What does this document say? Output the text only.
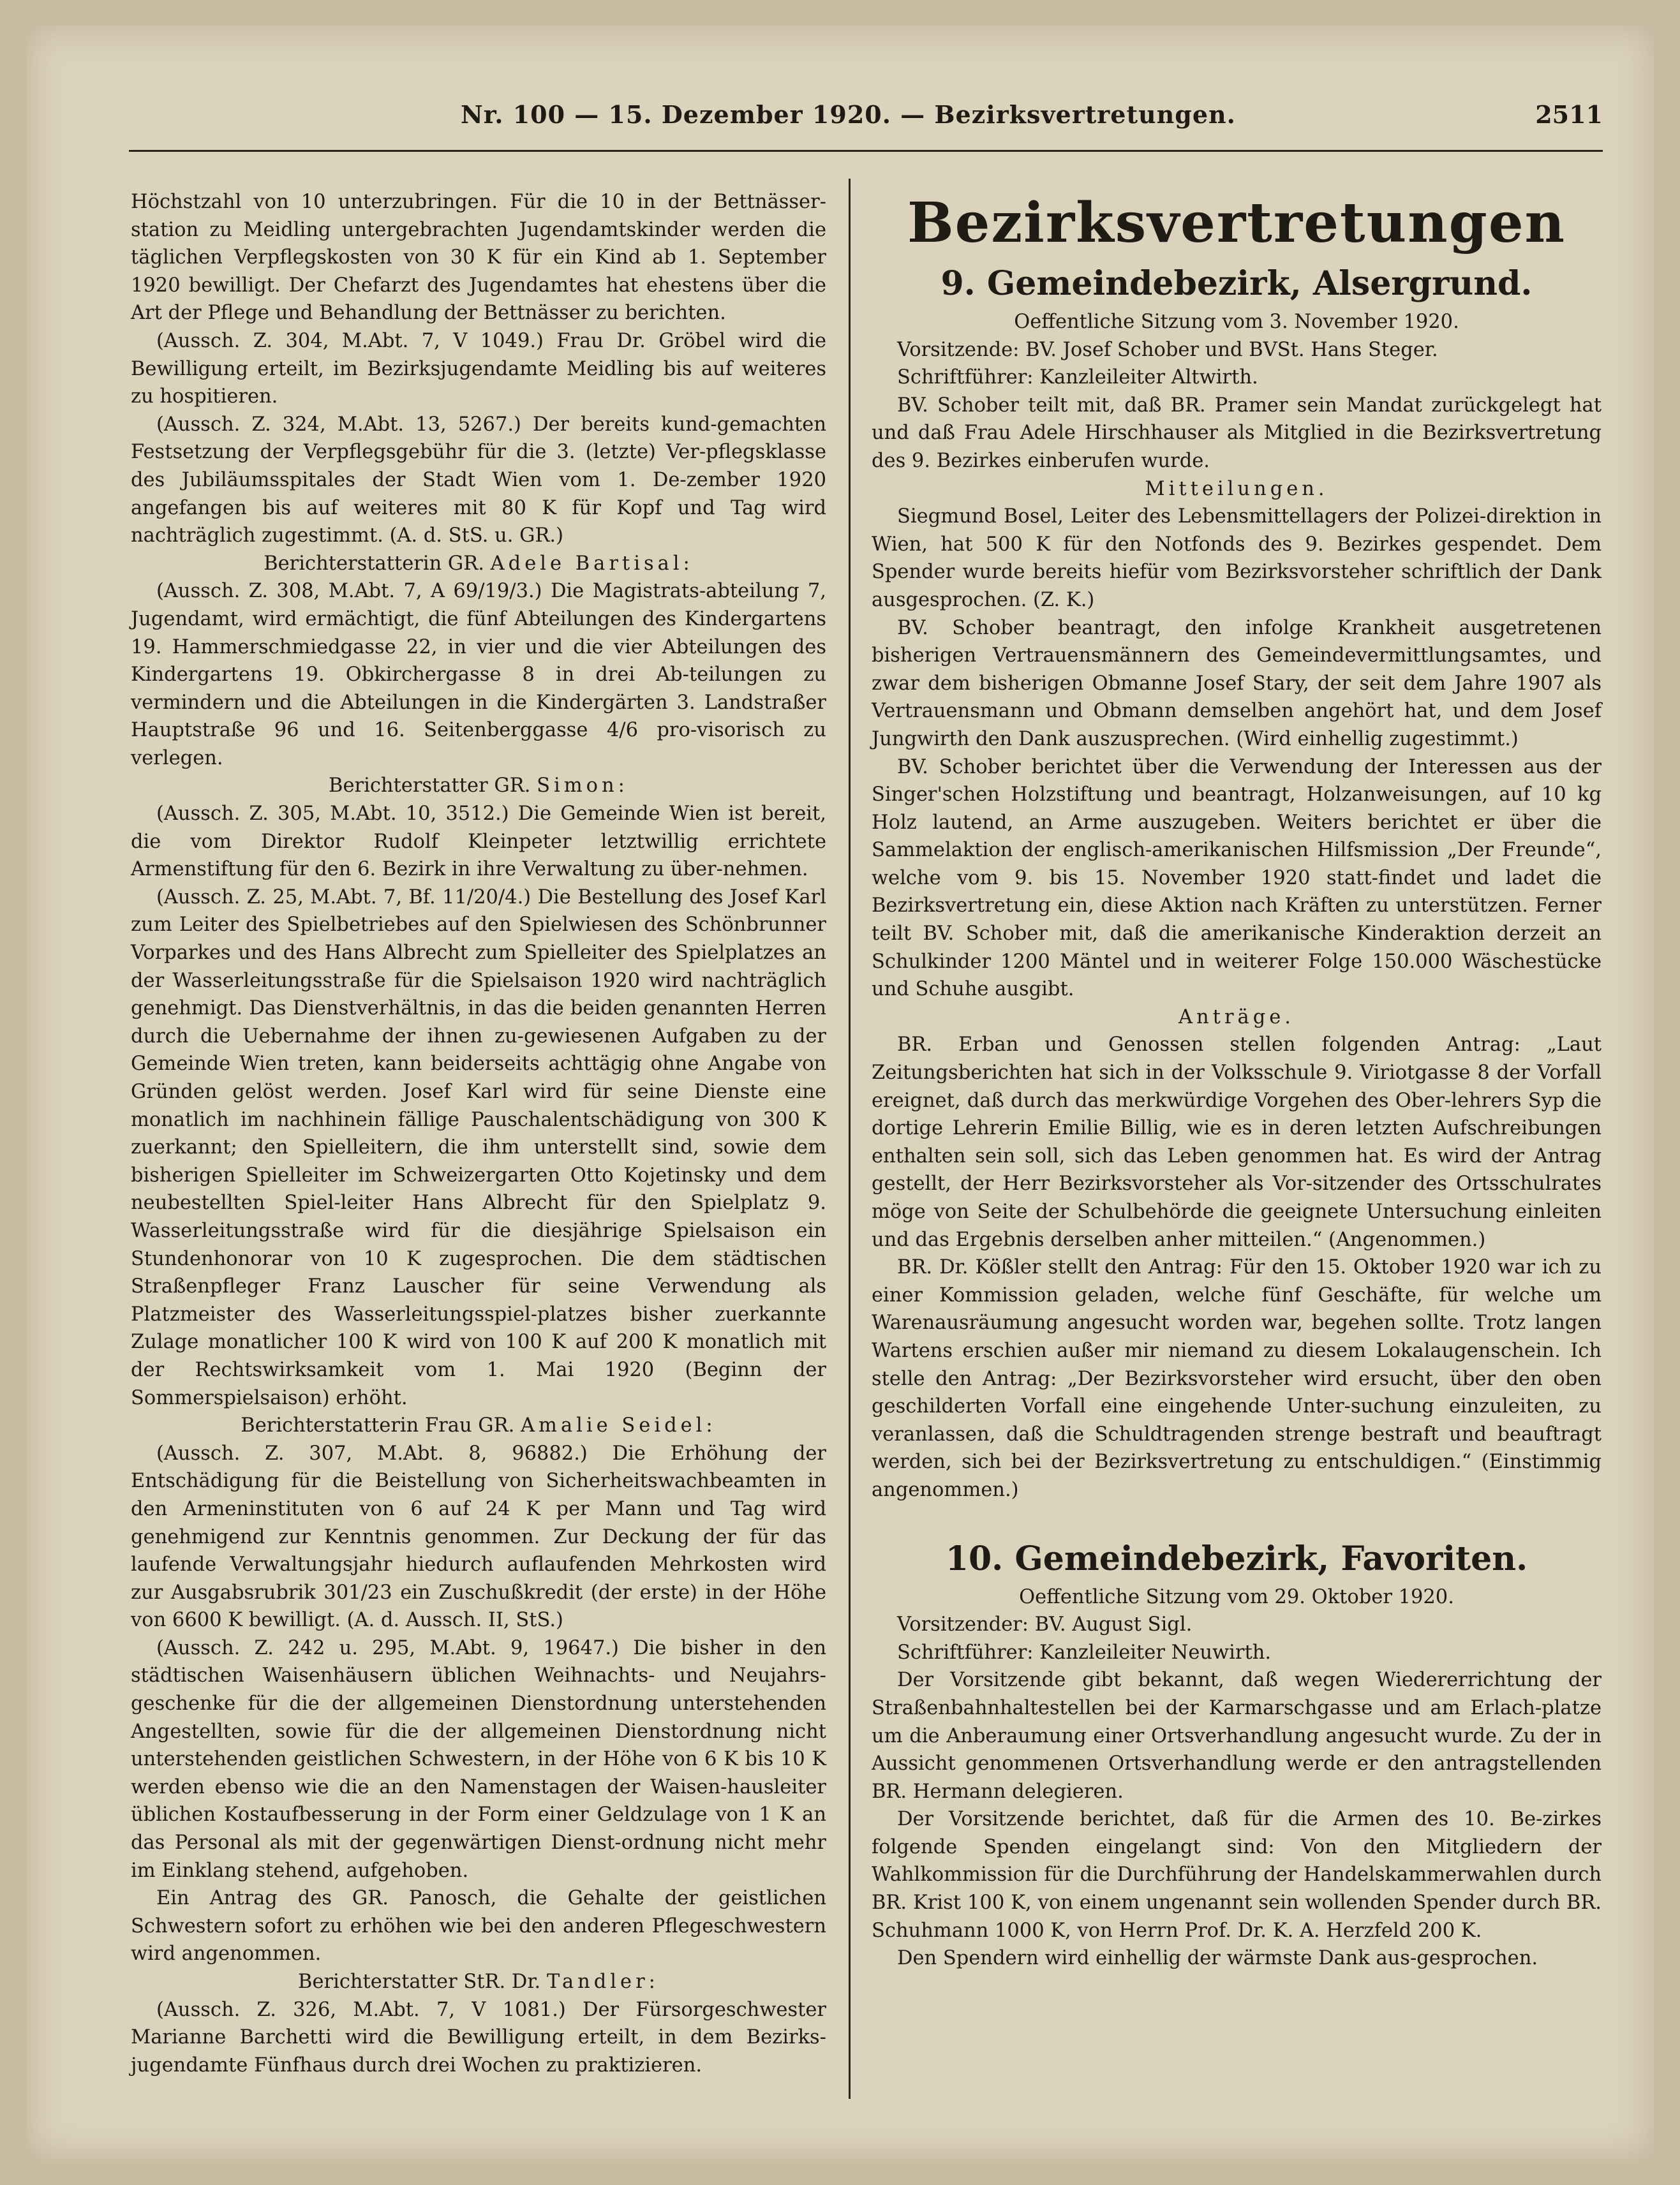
Nr. 100 — 15. Dezember 1920. — Bezirksvertretungen.	2511

Höchstzahl von 10 unterzubringen. Für die 10 in der Bettnässer-station zu Meidling untergebrachten Jugendamtskinder werden die täglichen Verpflegskosten von 30 K für ein Kind ab 1. September 1920 bewilligt. Der Chefarzt des Jugendamtes hat ehestens über die Art der Pflege und Behandlung der Bettnässer zu berichten.

(Aussch. Z. 304, M.Abt. 7, V 1049.) Frau Dr. Gröbel wird die Bewilligung erteilt, im Bezirksjugendamte Meidling bis auf weiteres zu hospitieren.

(Aussch. Z. 324, M.Abt. 13, 5267.) Der bereits kund-gemachten Festsetzung der Verpflegsgebühr für die 3. (letzte) Ver-pflegsklasse des Jubiläumsspitales der Stadt Wien vom 1. De-zember 1920 angefangen bis auf weiteres mit 80 K für Kopf und Tag wird nachträglich zugestimmt. (A. d. StS. u. GR.)

Berichterstatterin GR. Adele Bartisal:

(Aussch. Z. 308, M.Abt. 7, A 69/19/3.) Die Magistrats-abteilung 7, Jugendamt, wird ermächtigt, die fünf Abteilungen des Kindergartens 19. Hammerschmiedgasse 22, in vier und die vier Abteilungen des Kindergartens 19. Obkirchergasse 8 in drei Ab-teilungen zu vermindern und die Abteilungen in die Kindergärten 3. Landstraßer Hauptstraße 96 und 16. Seitenberggasse 4/6 pro-visorisch zu verlegen.

Berichterstatter GR. Simon:

(Aussch. Z. 305, M.Abt. 10, 3512.) Die Gemeinde Wien ist bereit, die vom Direktor Rudolf Kleinpeter letztwillig errichtete Armenstiftung für den 6. Bezirk in ihre Verwaltung zu über-nehmen.

(Aussch. Z. 25, M.Abt. 7, Bf. 11/20/4.) Die Bestellung des Josef Karl zum Leiter des Spielbetriebes auf den Spielwiesen des Schönbrunner Vorparkes und des Hans Albrecht zum Spielleiter des Spielplatzes an der Wasserleitungsstraße für die Spielsaison 1920 wird nachträglich genehmigt. Das Dienstverhältnis, in das die beiden genannten Herren durch die Uebernahme der ihnen zu-gewiesenen Aufgaben zu der Gemeinde Wien treten, kann beiderseits achttägig ohne Angabe von Gründen gelöst werden. Josef Karl wird für seine Dienste eine monatlich im nachhinein fällige Pauschalentschädigung von 300 K zuerkannt; den Spielleitern, die ihm unterstellt sind, sowie dem bisherigen Spielleiter im Schweizergarten Otto Kojetinsky und dem neubestellten Spiel-leiter Hans Albrecht für den Spielplatz 9. Wasserleitungsstraße wird für die diesjährige Spielsaison ein Stundenhonorar von 10 K zugesprochen. Die dem städtischen Straßenpfleger Franz Lauscher für seine Verwendung als Platzmeister des Wasserleitungsspiel-platzes bisher zuerkannte Zulage monatlicher 100 K wird von 100 K auf 200 K monatlich mit der Rechtswirksamkeit vom 1. Mai 1920 (Beginn der Sommerspielsaison) erhöht.

Berichterstatterin Frau GR. Amalie Seidel:

(Aussch. Z. 307, M.Abt. 8, 96882.) Die Erhöhung der Entschädigung für die Beistellung von Sicherheitswachbeamten in den Armeninstituten von 6 auf 24 K per Mann und Tag wird genehmigend zur Kenntnis genommen. Zur Deckung der für das laufende Verwaltungsjahr hiedurch auflaufenden Mehrkosten wird zur Ausgabsrubrik 301/23 ein Zuschußkredit (der erste) in der Höhe von 6600 K bewilligt. (A. d. Aussch. II, StS.)

(Aussch. Z. 242 u. 295, M.Abt. 9, 19647.) Die bisher in den städtischen Waisenhäusern üblichen Weihnachts- und Neujahrs-geschenke für die der allgemeinen Dienstordnung unterstehenden Angestellten, sowie für die der allgemeinen Dienstordnung nicht unterstehenden geistlichen Schwestern, in der Höhe von 6 K bis 10 K werden ebenso wie die an den Namenstagen der Waisen-hausleiter üblichen Kostaufbesserung in der Form einer Geldzulage von 1 K an das Personal als mit der gegenwärtigen Dienst-ordnung nicht mehr im Einklang stehend, aufgehoben.

Ein Antrag des GR. Panosch, die Gehalte der geistlichen Schwestern sofort zu erhöhen wie bei den anderen Pflegeschwestern wird angenommen.

Berichterstatter StR. Dr. Tandler:

(Aussch. Z. 326, M.Abt. 7, V 1081.) Der Fürsorgeschwester Marianne Barchetti wird die Bewilligung erteilt, in dem Bezirks-jugendamte Fünfhaus durch drei Wochen zu praktizieren.

Bezirksvertretungen
9. Gemeindebezirk, Alsergrund.

Oeffentliche Sitzung vom 3. November 1920.

Vorsitzende: BV. Josef Schober und BVSt. Hans Steger.

Schriftführer: Kanzleileiter Altwirth.

BV. Schober teilt mit, daß BR. Pramer sein Mandat zurückgelegt hat und daß Frau Adele Hirschhauser als Mitglied in die Bezirksvertretung des 9. Bezirkes einberufen wurde.

Mitteilungen.

Siegmund Bosel, Leiter des Lebensmittellagers der Polizei-direktion in Wien, hat 500 K für den Notfonds des 9. Bezirkes gespendet. Dem Spender wurde bereits hiefür vom Bezirksvorsteher schriftlich der Dank ausgesprochen. (Z. K.)

BV. Schober beantragt, den infolge Krankheit ausgetretenen bisherigen Vertrauensmännern des Gemeindevermittlungsamtes, und zwar dem bisherigen Obmanne Josef Stary, der seit dem Jahre 1907 als Vertrauensmann und Obmann demselben angehört hat, und dem Josef Jungwirth den Dank auszusprechen. (Wird einhellig zugestimmt.)

BV. Schober berichtet über die Verwendung der Interessen aus der Singer'schen Holzstiftung und beantragt, Holzanweisungen, auf 10 kg Holz lautend, an Arme auszugeben. Weiters berichtet er über die Sammelaktion der englisch-amerikanischen Hilfsmission „Der Freunde“, welche vom 9. bis 15. November 1920 statt-findet und ladet die Bezirksvertretung ein, diese Aktion nach Kräften zu unterstützen. Ferner teilt BV. Schober mit, daß die amerikanische Kinderaktion derzeit an Schulkinder 1200 Mäntel und in weiterer Folge 150.000 Wäschestücke und Schuhe ausgibt.

Anträge.

BR. Erban und Genossen stellen folgenden Antrag: „Laut Zeitungsberichten hat sich in der Volksschule 9. Viriotgasse 8 der Vorfall ereignet, daß durch das merkwürdige Vorgehen des Ober-lehrers Syp die dortige Lehrerin Emilie Billig, wie es in deren letzten Aufschreibungen enthalten sein soll, sich das Leben genommen hat. Es wird der Antrag gestellt, der Herr Bezirksvorsteher als Vor-sitzender des Ortsschulrates möge von Seite der Schulbehörde die geeignete Untersuchung einleiten und das Ergebnis derselben anher mitteilen.“ (Angenommen.)

BR. Dr. Kößler stellt den Antrag: Für den 15. Oktober 1920 war ich zu einer Kommission geladen, welche fünf Geschäfte, für welche um Warenausräumung angesucht worden war, begehen sollte. Trotz langen Wartens erschien außer mir niemand zu diesem Lokalaugenschein. Ich stelle den Antrag: „Der Bezirksvorsteher wird ersucht, über den oben geschilderten Vorfall eine eingehende Unter-suchung einzuleiten, zu veranlassen, daß die Schuldtragenden strenge bestraft und beauftragt werden, sich bei der Bezirksvertretung zu entschuldigen.“ (Einstimmig angenommen.)

10. Gemeindebezirk, Favoriten.

Oeffentliche Sitzung vom 29. Oktober 1920.

Vorsitzender: BV. August Sigl.

Schriftführer: Kanzleileiter Neuwirth.

Der Vorsitzende gibt bekannt, daß wegen Wiedererrichtung der Straßenbahnhaltestellen bei der Karmarschgasse und am Erlach-platze um die Anberaumung einer Ortsverhandlung angesucht wurde. Zu der in Aussicht genommenen Ortsverhandlung werde er den antragstellenden BR. Hermann delegieren.

Der Vorsitzende berichtet, daß für die Armen des 10. Be-zirkes folgende Spenden eingelangt sind: Von den Mitgliedern der Wahlkommission für die Durchführung der Handelskammerwahlen durch BR. Krist 100 K, von einem ungenannt sein wollenden Spender durch BR. Schuhmann 1000 K, von Herrn Prof. Dr. K. A. Herzfeld 200 K.

Den Spendern wird einhellig der wärmste Dank aus-gesprochen.
